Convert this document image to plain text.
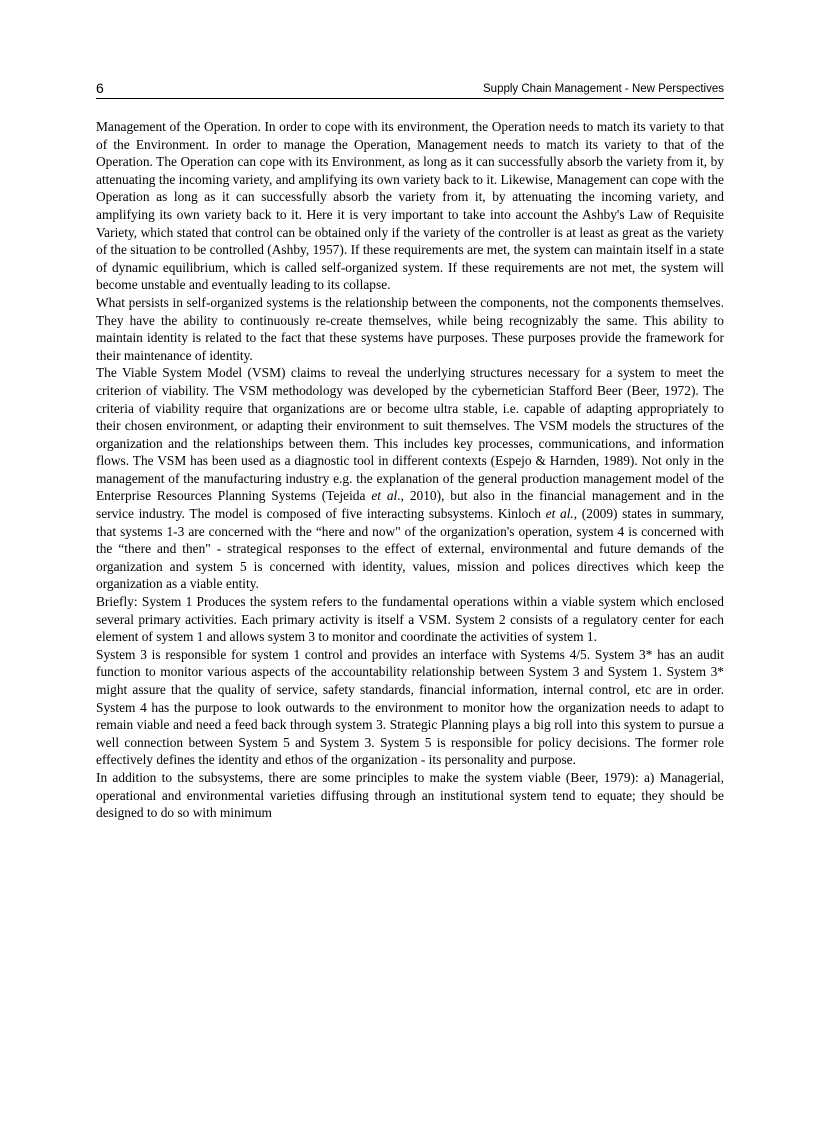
6	Supply Chain Management - New Perspectives

Management of the Operation. In order to cope with its environment, the Operation needs to match its variety to that of the Environment. In order to manage the Operation, Management needs to match its variety to that of the Operation. The Operation can cope with its Environment, as long as it can successfully absorb the variety from it, by attenuating the incoming variety, and amplifying its own variety back to it. Likewise, Management can cope with the Operation as long as it can successfully absorb the variety from it, by attenuating the incoming variety, and amplifying its own variety back to it. Here it is very important to take into account the Ashby's Law of Requisite Variety, which stated that control can be obtained only if the variety of the controller is at least as great as the variety of the situation to be controlled (Ashby, 1957). If these requirements are met, the system can maintain itself in a state of dynamic equilibrium, which is called self-organized system. If these requirements are not met, the system will become unstable and eventually leading to its collapse.

What persists in self-organized systems is the relationship between the components, not the components themselves. They have the ability to continuously re-create themselves, while being recognizably the same. This ability to maintain identity is related to the fact that these systems have purposes. These purposes provide the framework for their maintenance of identity.

The Viable System Model (VSM) claims to reveal the underlying structures necessary for a system to meet the criterion of viability. The VSM methodology was developed by the cybernetician Stafford Beer (Beer, 1972). The criteria of viability require that organizations are or become ultra stable, i.e. capable of adapting appropriately to their chosen environment, or adapting their environment to suit themselves. The VSM models the structures of the organization and the relationships between them. This includes key processes, communications, and information flows. The VSM has been used as a diagnostic tool in different contexts (Espejo & Harnden, 1989). Not only in the management of the manufacturing industry e.g. the explanation of the general production management model of the Enterprise Resources Planning Systems (Tejeida et al., 2010), but also in the financial management and in the service industry. The model is composed of five interacting subsystems. Kinloch et al., (2009) states in summary, that systems 1-3 are concerned with the “here and now" of the organization's operation, system 4 is concerned with the “there and then" - strategical responses to the effect of external, environmental and future demands of the organization and system 5 is concerned with identity, values, mission and polices directives which keep the organization as a viable entity.

Briefly: System 1 Produces the system refers to the fundamental operations within a viable system which enclosed several primary activities. Each primary activity is itself a VSM. System 2 consists of a regulatory center for each element of system 1 and allows system 3 to monitor and coordinate the activities of system 1.

System 3 is responsible for system 1 control and provides an interface with Systems 4/5. System 3* has an audit function to monitor various aspects of the accountability relationship between System 3 and System 1. System 3* might assure that the quality of service, safety standards, financial information, internal control, etc are in order. System 4 has the purpose to look outwards to the environment to monitor how the organization needs to adapt to remain viable and need a feed back through system 3. Strategic Planning plays a big roll into this system to pursue a well connection between System 5 and System 3. System 5 is responsible for policy decisions. The former role effectively defines the identity and ethos of the organization - its personality and purpose.

In addition to the subsystems, there are some principles to make the system viable (Beer, 1979): a) Managerial, operational and environmental varieties diffusing through an institutional system tend to equate; they should be designed to do so with minimum
